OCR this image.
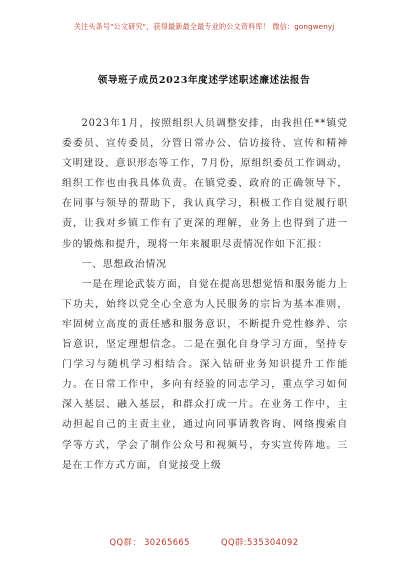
关注头条号"公文研究"，获得最新最全最专业的公文资料库！ 微信：gongwenyj
领导班子成员2023年度述学述职述廉述法报告

2023年1月，按照组织人员调整安排，由我担任**镇党委委员、宣传委员，分管日常办公、信访接待、宣传和精神文明建设、意识形态等工作，7月份，原组织委员工作调动，组织工作也由我具体负责。在镇党委、政府的正确领导下，在同事与领导的帮助下，我认真学习，积极工作自觉履行职责，让我对乡镇工作有了更深的理解，业务上也得到了进一步的锻炼和提升，现将一年来履职尽责情况作如下汇报：

一、思想政治情况

一是在理论武装方面，自觉在提高思想觉悟和服务能力上下功夫，始终以党全心全意为人民服务的宗旨为基本准则，牢固树立高度的责任感和服务意识，不断提升党性修养、宗旨意识，坚定理想信念。二是在强化自身学习方面，坚持专门学习与随机学习相结合。深入钻研业务知识提升工作能力。在日常工作中，多向有经验的同志学习，重点学习如何深入基层、融入基层，和群众打成一片。在业务工作中，主动担起自己的主责主业，通过向同事请教咨询、网络搜索自学等方式，学会了制作公众号和视频号，夯实宣传阵地。三是在工作方式方面，自觉接受上级

QQ群： 30265665	QQ群:535304092
